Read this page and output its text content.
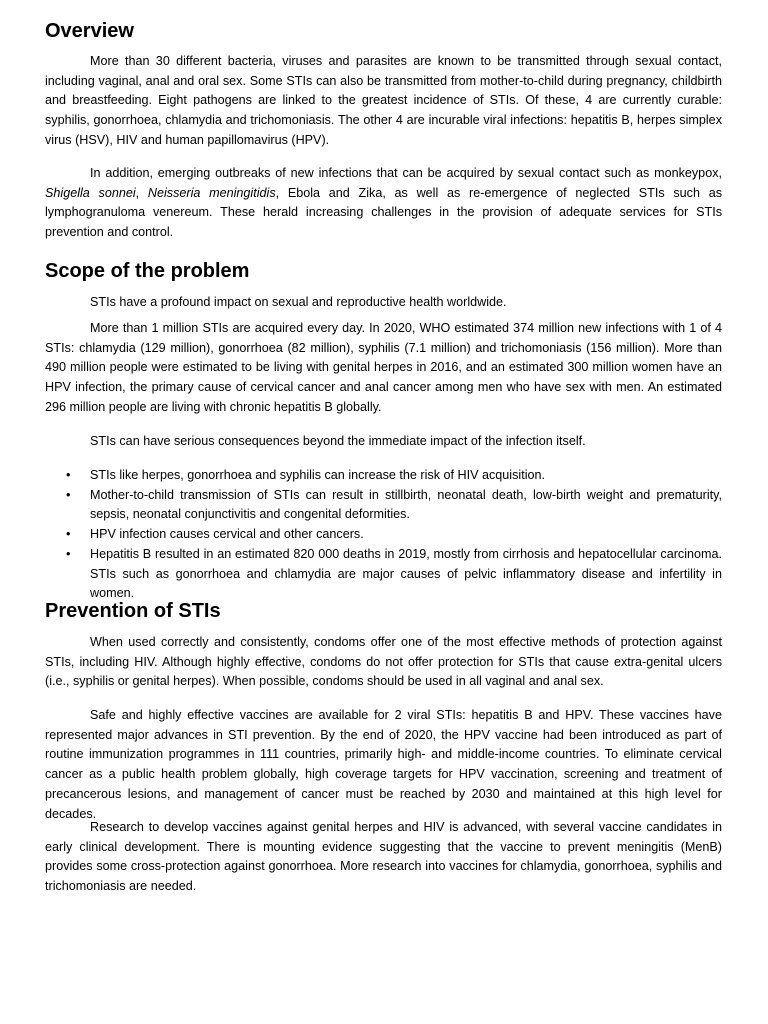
Overview

More than 30 different bacteria, viruses and parasites are known to be transmitted through sexual contact, including vaginal, anal and oral sex. Some STIs can also be transmitted from mother-to-child during pregnancy, childbirth and breastfeeding. Eight pathogens are linked to the greatest incidence of STIs. Of these, 4 are currently curable: syphilis, gonorrhoea, chlamydia and trichomoniasis. The other 4 are incurable viral infections: hepatitis B, herpes simplex virus (HSV), HIV and human papillomavirus (HPV).

In addition, emerging outbreaks of new infections that can be acquired by sexual contact such as monkeypox, Shigella sonnei, Neisseria meningitidis, Ebola and Zika, as well as re-emergence of neglected STIs such as lymphogranuloma venereum. These herald increasing challenges in the provision of adequate services for STIs prevention and control.

Scope of the problem

STIs have a profound impact on sexual and reproductive health worldwide.

More than 1 million STIs are acquired every day. In 2020, WHO estimated 374 million new infections with 1 of 4 STIs: chlamydia (129 million), gonorrhoea (82 million), syphilis (7.1 million) and trichomoniasis (156 million). More than 490 million people were estimated to be living with genital herpes in 2016, and an estimated 300 million women have an HPV infection, the primary cause of cervical cancer and anal cancer among men who have sex with men. An estimated 296 million people are living with chronic hepatitis B globally.

STIs can have serious consequences beyond the immediate impact of the infection itself.

• STIs like herpes, gonorrhoea and syphilis can increase the risk of HIV acquisition.
• Mother-to-child transmission of STIs can result in stillbirth, neonatal death, low-birth weight and prematurity, sepsis, neonatal conjunctivitis and congenital deformities.
• HPV infection causes cervical and other cancers.
• Hepatitis B resulted in an estimated 820 000 deaths in 2019, mostly from cirrhosis and hepatocellular carcinoma. STIs such as gonorrhoea and chlamydia are major causes of pelvic inflammatory disease and infertility in women.
Prevention of STIs

When used correctly and consistently, condoms offer one of the most effective methods of protection against STIs, including HIV. Although highly effective, condoms do not offer protection for STIs that cause extra-genital ulcers (i.e., syphilis or genital herpes). When possible, condoms should be used in all vaginal and anal sex.

Safe and highly effective vaccines are available for 2 viral STIs: hepatitis B and HPV. These vaccines have represented major advances in STI prevention. By the end of 2020, the HPV vaccine had been introduced as part of routine immunization programmes in 111 countries, primarily high- and middle-income countries. To eliminate cervical cancer as a public health problem globally, high coverage targets for HPV vaccination, screening and treatment of precancerous lesions, and management of cancer must be reached by 2030 and maintained at this high level for decades.

Research to develop vaccines against genital herpes and HIV is advanced, with several vaccine candidates in early clinical development. There is mounting evidence suggesting that the vaccine to prevent meningitis (MenB) provides some cross-protection against gonorrhoea. More research into vaccines for chlamydia, gonorrhoea, syphilis and trichomoniasis are needed.
